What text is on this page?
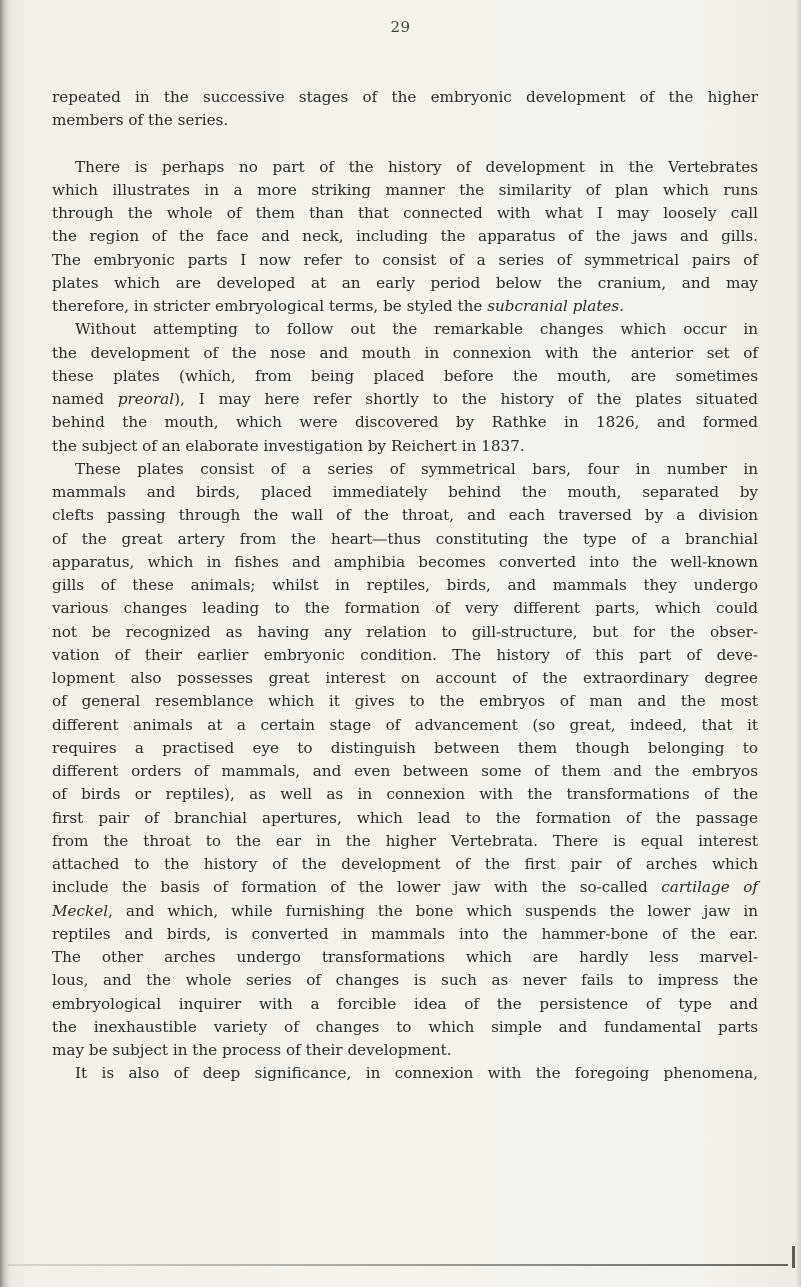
29
repeated in the successive stages of the embryonic development of the higher
members of the series.
There is perhaps no part of the history of development in the Vertebrates
which illustrates in a more striking manner the similarity of plan which runs
through the whole of them than that connected with what I may loosely call
the region of the face and neck, including the apparatus of the jaws and gills.
The embryonic parts I now refer to consist of a series of symmetrical pairs of
plates which are developed at an early period below the cranium, and may
therefore, in stricter embryological terms, be styled the subcranial plates.
Without attempting to follow out the remarkable changes which occur in
the development of the nose and mouth in connexion with the anterior set of
these plates (which, from being placed before the mouth, are sometimes
named preoral), I may here refer shortly to the history of the plates situated
behind the mouth, which were discovered by Rathke in 1826, and formed
the subject of an elaborate investigation by Reichert in 1837.
These plates consist of a series of symmetrical bars, four in number in
mammals and birds, placed immediately behind the mouth, separated by
clefts passing through the wall of the throat, and each traversed by a division
of the great artery from the heart—thus constituting the type of a branchial
apparatus, which in fishes and amphibia becomes converted into the well-known
gills of these animals; whilst in reptiles, birds, and mammals they undergo
various changes leading to the formation of very different parts, which could
not be recognized as having any relation to gill-structure, but for the obser-
vation of their earlier embryonic condition. The history of this part of deve-
lopment also possesses great interest on account of the extraordinary degree
of general resemblance which it gives to the embryos of man and the most
different animals at a certain stage of advancement (so great, indeed, that it
requires a practised eye to distinguish between them though belonging to
different orders of mammals, and even between some of them and the embryos
of birds or reptiles), as well as in connexion with the transformations of the
first pair of branchial apertures, which lead to the formation of the passage
from the throat to the ear in the higher Vertebrata. There is equal interest
attached to the history of the development of the first pair of arches which
include the basis of formation of the lower jaw with the so-called cartilage of
Meckel, and which, while furnishing the bone which suspends the lower jaw in
reptiles and birds, is converted in mammals into the hammer-bone of the ear.
The other arches undergo transformations which are hardly less marvel-
lous, and the whole series of changes is such as never fails to impress the
embryological inquirer with a forcible idea of the persistence of type and
the inexhaustible variety of changes to which simple and fundamental parts
may be subject in the process of their development.
It is also of deep significance, in connexion with the foregoing phenomena,
